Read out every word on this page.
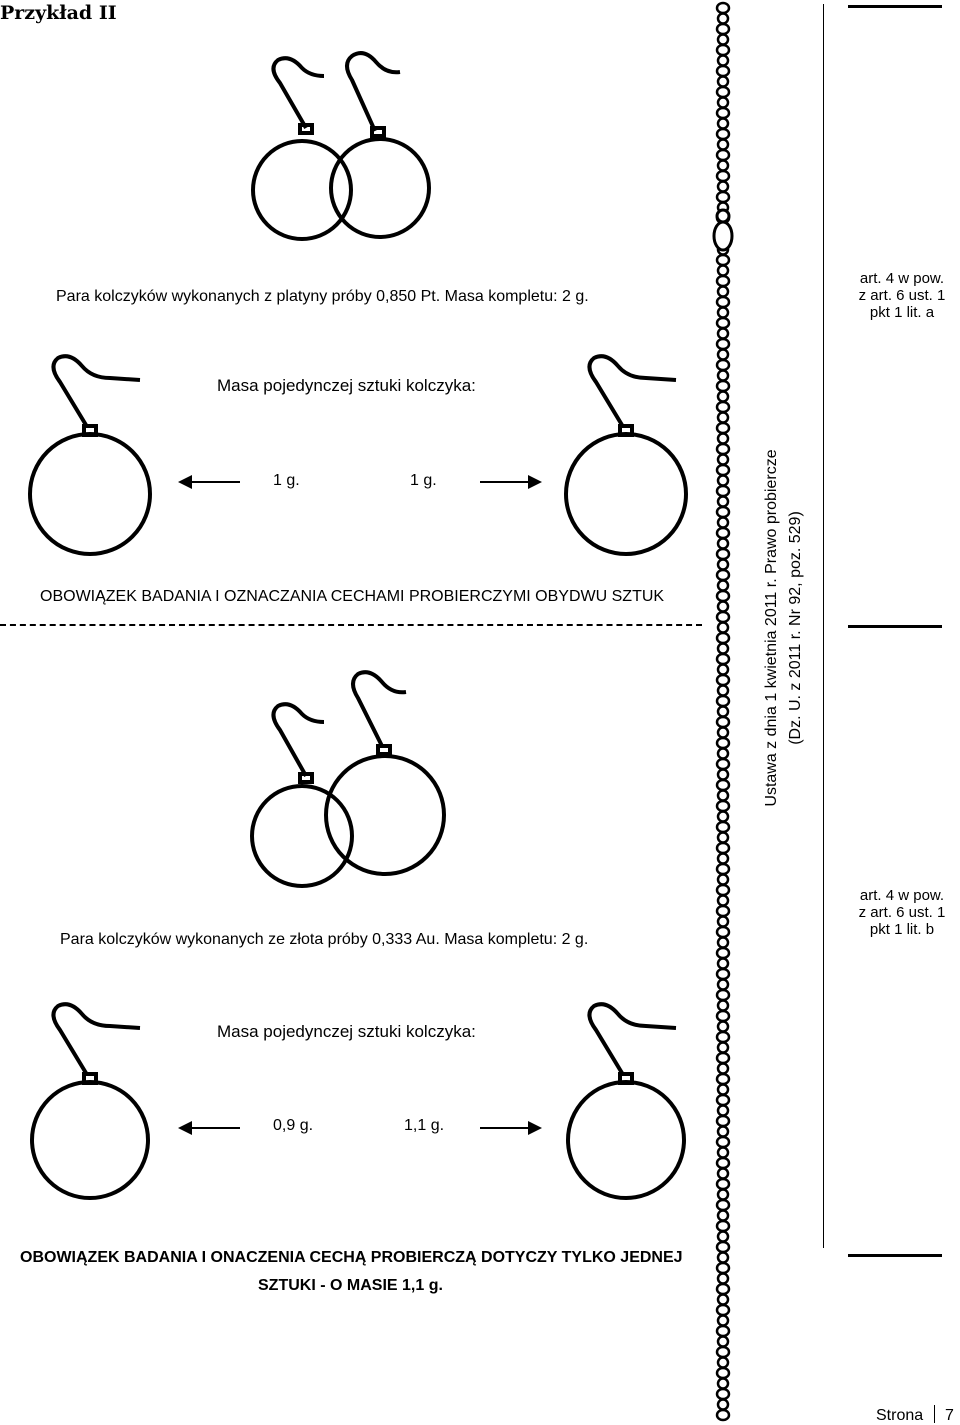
Przykład II
Para kolczyków wykonanych z platyny próby 0,850 Pt. Masa kompletu: 2 g.
Masa pojedynczej sztuki kolczyka:
1 g.	1 g.
OBOWIĄZEK BADANIA I OZNACZANIA CECHAMI PROBIERCZYMI OBYDWU SZTUK
Para kolczyków wykonanych ze złota próby 0,333 Au. Masa kompletu: 2 g.
Masa pojedynczej sztuki kolczyka:
0,9 g.	1,1 g.
OBOWIĄZEK BADANIA I ONACZENIA CECHĄ PROBIERCZĄ DOTYCZY TYLKO JEDNEJ
SZTUKI - O MASIE 1,1 g.
Ustawa z dnia 1 kwietnia 2011 r. Prawo probiercze (Dz. U. z 2011 r. Nr 92, poz. 529)
art. 4 w pow.
z art. 6 ust. 1
pkt 1 lit. a
art. 4 w pow.
z art. 6 ust. 1
pkt 1 lit. b
Strona 7
